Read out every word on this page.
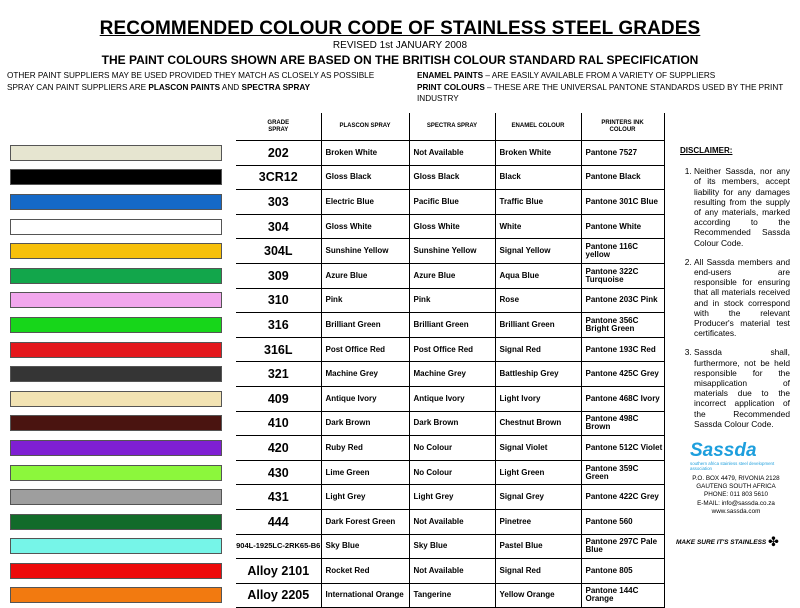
RECOMMENDED COLOUR CODE OF STAINLESS STEEL GRADES
REVISED 1st JANUARY 2008
THE PAINT COLOURS SHOWN ARE BASED ON THE BRITISH COLOUR STANDARD RAL SPECIFICATION
OTHER PAINT SUPPLIERS MAY BE USED PROVIDED THEY MATCH AS CLOSELY AS POSSIBLE
SPRAY CAN PAINT SUPPLIERS ARE PLASCON PAINTS AND SPECTRA SPRAY
ENAMEL PAINTS – ARE EASILY AVAILABLE FROM A VARIETY OF SUPPLIERS
PRINT COLOURS – THESE ARE THE UNIVERSAL PANTONE STANDARDS USED BY THE PRINT INDUSTRY
	GRADE
SPRAY	PLASCON SPRAY	SPECTRA SPRAY	ENAMEL COLOUR	PRINTERS INK
COLOUR

	202	Broken White	Not Available	Broken White	Pantone 7527

	3CR12	Gloss Black	Gloss Black	Black	Pantone Black

	303	Electric Blue	Pacific Blue	Traffic Blue	Pantone 301C Blue

	304	Gloss White	Gloss White	White	Pantone White

	304L	Sunshine Yellow	Sunshine Yellow	Signal Yellow	Pantone 116C yellow

	309	Azure Blue	Azure Blue	Aqua Blue	Pantone 322C Turquoise

	310	Pink	Pink	Rose	Pantone 203C Pink

	316	Brilliant Green	Brilliant Green	Brilliant Green	Pantone 356C Bright Green

	316L	Post Office Red	Post Office Red	Signal Red	Pantone 193C Red

	321	Machine Grey	Machine Grey	Battleship Grey	Pantone 425C Grey

	409	Antique Ivory	Antique Ivory	Light Ivory	Pantone 468C Ivory

	410	Dark Brown	Dark Brown	Chestnut Brown	Pantone 498C Brown

	420	Ruby Red	No Colour	Signal Violet	Pantone 512C Violet

	430	Lime Green	No Colour	Light Green	Pantone 359C Green

	431	Light Grey	Light Grey	Signal Grey	Pantone 422C Grey

	444	Dark Forest Green	Not Available	Pinetree	Pantone 560

	904L-1925LC-2RK65-B6	Sky Blue	Sky Blue	Pastel Blue	Pantone 297C Pale Blue

	Alloy 2101	Rocket Red	Not Available	Signal Red	Pantone 805

	Alloy 2205	International Orange	Tangerine	Yellow Orange	Pantone 144C Orange
DISCLAIMER:
1. Neither Sassda, nor any of its members, accept liability for any damages resulting from the supply of any materials, marked according to the Recommended Sassda Colour Code.
2. All Sassda members and end-users are responsible for ensuring that all materials received and in stock correspond with the relevant Producer's material test certificates.
3. Sassda shall, furthermore, not be held responsible for the misapplication of materials due to the incorrect application of the Recommended Sassda Colour Code.
Sassda
southern africa stainless steel development association
P.O. BOX 4479, RIVONIA 2128
GAUTENG SOUTH AFRICA
PHONE: 011 803 5610
E-MAIL: info@sassda.co.za
www.sassda.com
MAKE SURE IT'S STAINLESS ✤
